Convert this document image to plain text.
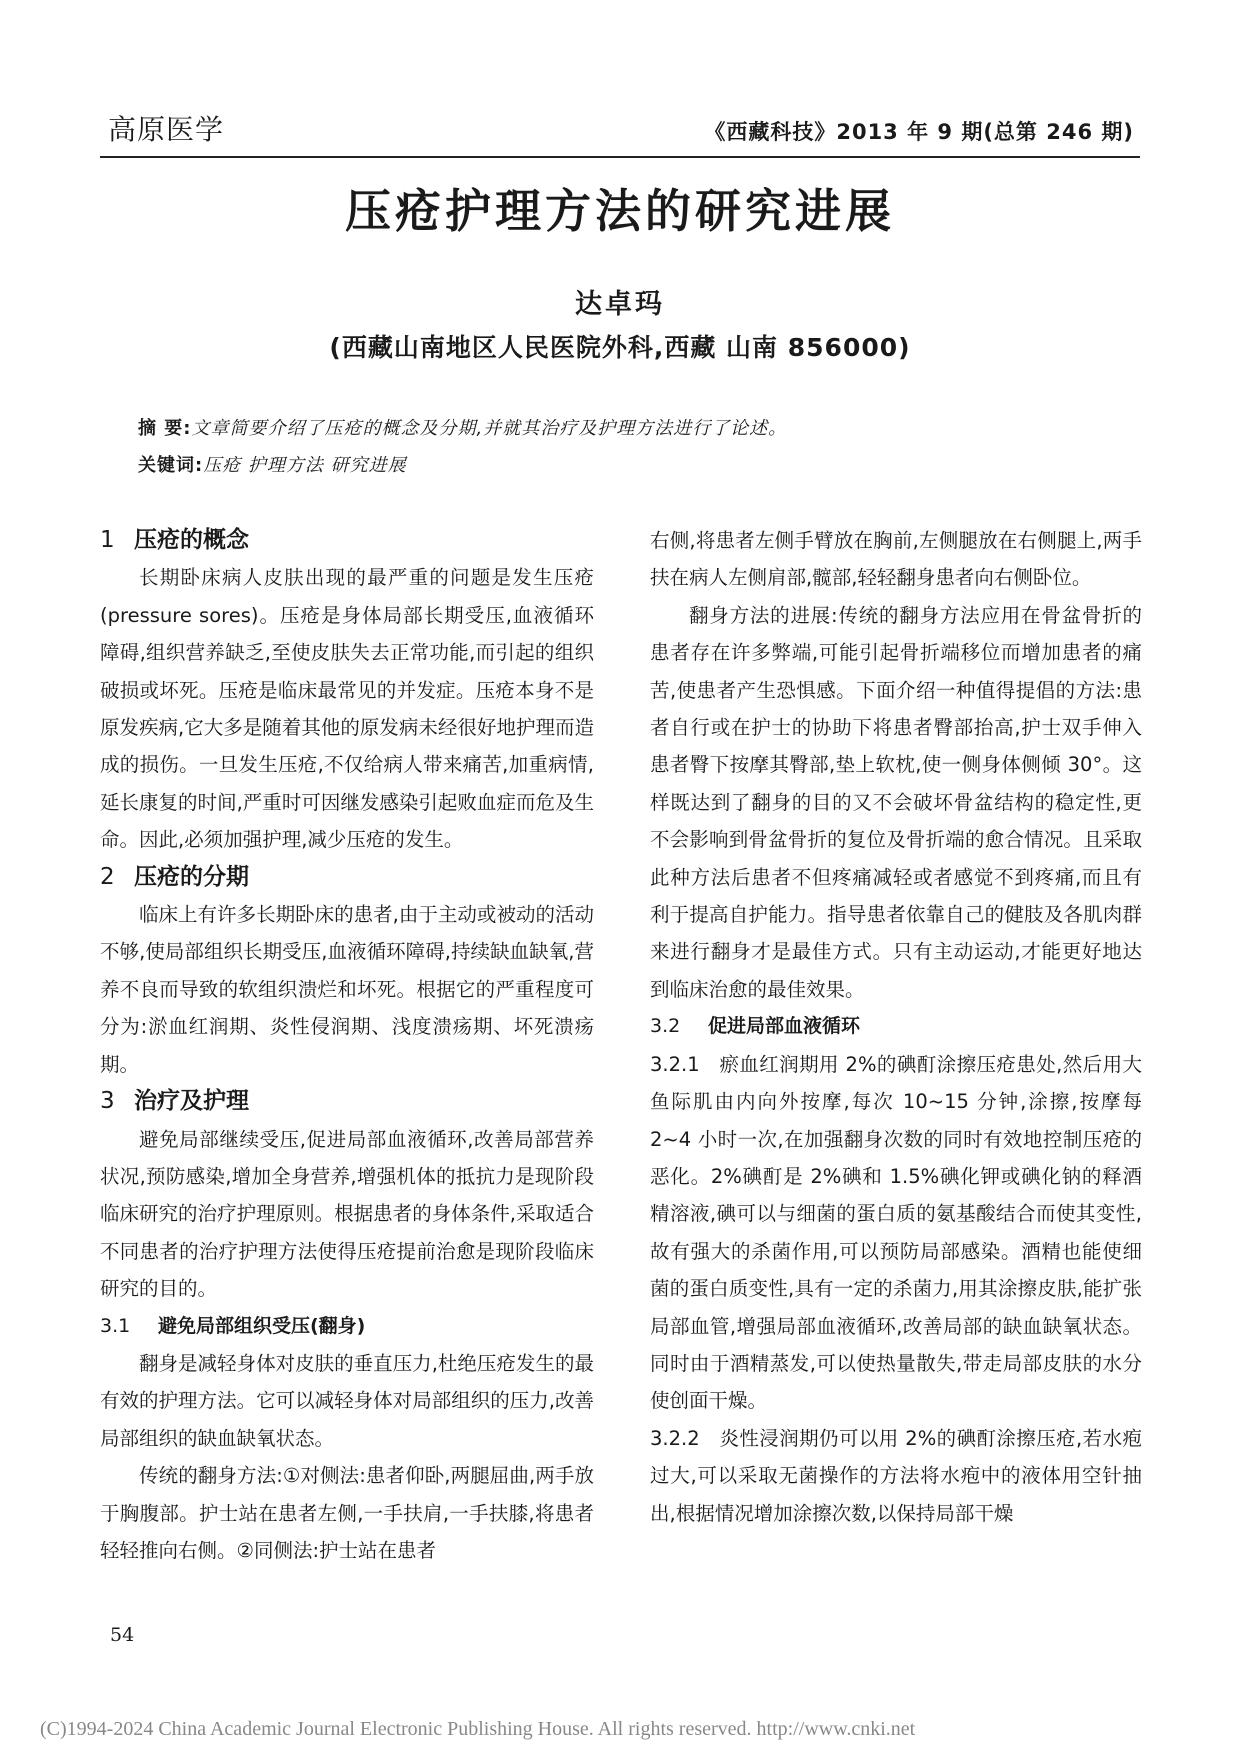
高原医学	《西藏科技》2013 年 9 期(总第 246 期)
压疮护理方法的研究进展
达卓玛
(西藏山南地区人民医院外科,西藏 山南 856000)
摘 要:文章简要介绍了压疮的概念及分期,并就其治疗及护理方法进行了论述。
关键词:压疮 护理方法 研究进展
1 压疮的概念

长期卧床病人皮肤出现的最严重的问题是发生压疮(pressure sores)。压疮是身体局部长期受压,血液循环障碍,组织营养缺乏,至使皮肤失去正常功能,而引起的组织破损或坏死。压疮是临床最常见的并发症。压疮本身不是原发疾病,它大多是随着其他的原发病未经很好地护理而造成的损伤。一旦发生压疮,不仅给病人带来痛苦,加重病情,延长康复的时间,严重时可因继发感染引起败血症而危及生命。因此,必须加强护理,减少压疮的发生。

2 压疮的分期

临床上有许多长期卧床的患者,由于主动或被动的活动不够,使局部组织长期受压,血液循环障碍,持续缺血缺氧,营养不良而导致的软组织溃烂和坏死。根据它的严重程度可分为:淤血红润期、炎性侵润期、浅度溃疡期、坏死溃疡期。

3 治疗及护理

避免局部继续受压,促进局部血液循环,改善局部营养状况,预防感染,增加全身营养,增强机体的抵抗力是现阶段临床研究的治疗护理原则。根据患者的身体条件,采取适合不同患者的治疗护理方法使得压疮提前治愈是现阶段临床研究的目的。

3.1 避免局部组织受压(翻身)

翻身是减轻身体对皮肤的垂直压力,杜绝压疮发生的最有效的护理方法。它可以减轻身体对局部组织的压力,改善局部组织的缺血缺氧状态。

传统的翻身方法:①对侧法:患者仰卧,两腿屈曲,两手放于胸腹部。护士站在患者左侧,一手扶肩,一手扶膝,将患者轻轻推向右侧。②同侧法:护士站在患者

右侧,将患者左侧手臂放在胸前,左侧腿放在右侧腿上,两手扶在病人左侧肩部,髋部,轻轻翻身患者向右侧卧位。

翻身方法的进展:传统的翻身方法应用在骨盆骨折的患者存在许多弊端,可能引起骨折端移位而增加患者的痛苦,使患者产生恐惧感。下面介绍一种值得提倡的方法:患者自行或在护士的协助下将患者臀部抬高,护士双手伸入患者臀下按摩其臀部,垫上软枕,使一侧身体侧倾 30°。这样既达到了翻身的目的又不会破坏骨盆结构的稳定性,更不会影响到骨盆骨折的复位及骨折端的愈合情况。且采取此种方法后患者不但疼痛减轻或者感觉不到疼痛,而且有利于提高自护能力。指导患者依靠自己的健肢及各肌肉群来进行翻身才是最佳方式。只有主动运动,才能更好地达到临床治愈的最佳效果。

3.2 促进局部血液循环

3.2.1 瘀血红润期用 2%的碘酊涂擦压疮患处,然后用大鱼际肌由内向外按摩,每次 10~15 分钟,涂擦,按摩每 2~4 小时一次,在加强翻身次数的同时有效地控制压疮的恶化。2%碘酊是 2%碘和 1.5%碘化钾或碘化钠的释酒精溶液,碘可以与细菌的蛋白质的氨基酸结合而使其变性,故有强大的杀菌作用,可以预防局部感染。酒精也能使细菌的蛋白质变性,具有一定的杀菌力,用其涂擦皮肤,能扩张局部血管,增强局部血液循环,改善局部的缺血缺氧状态。同时由于酒精蒸发,可以使热量散失,带走局部皮肤的水分使创面干燥。

3.2.2 炎性浸润期仍可以用 2%的碘酊涂擦压疮,若水疱过大,可以采取无菌操作的方法将水疱中的液体用空针抽出,根据情况增加涂擦次数,以保持局部干燥

54
(C)1994-2024 China Academic Journal Electronic Publishing House. All rights reserved. http://www.cnki.net
